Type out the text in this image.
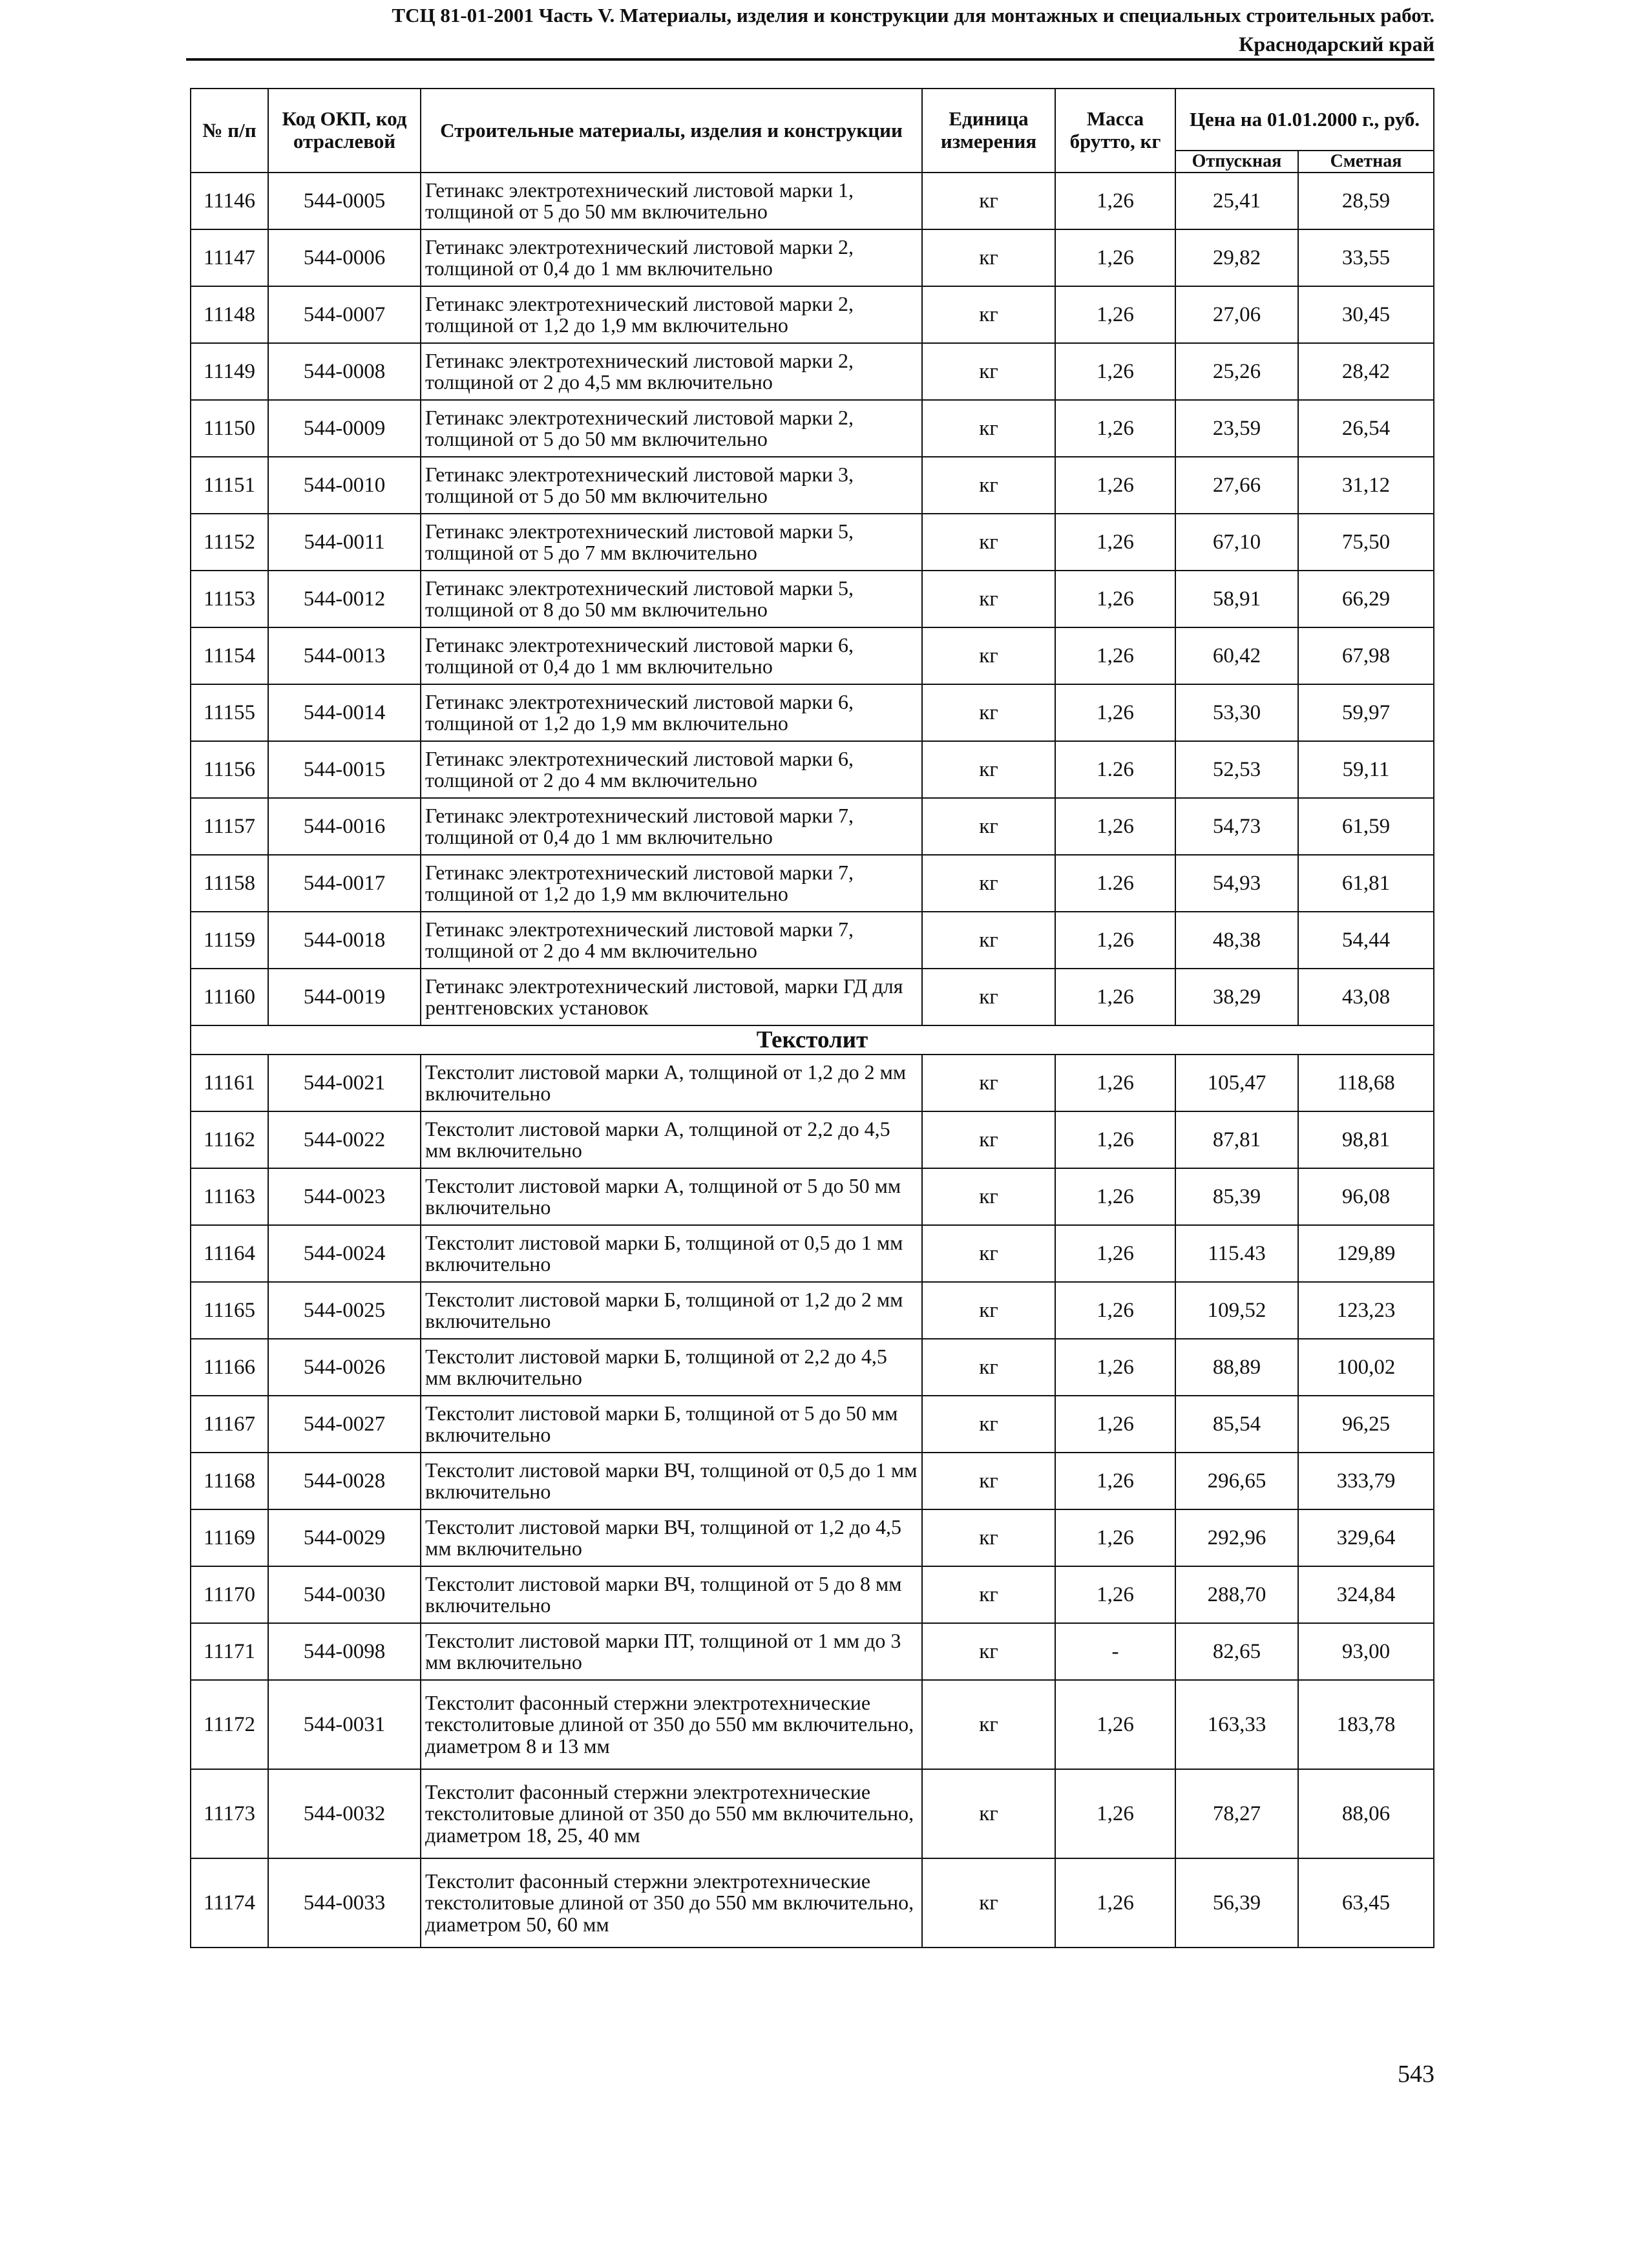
ТСЦ 81-01-2001 Часть V. Материалы, изделия и конструкции для монтажных и специальных строительных работ.
Краснодарский край
№ п/п	Код ОКП, код отраслевой	Строительные материалы, изделия и конструкции	Единица измерения	Масса брутто, кг	Цена на 01.01.2000 г., руб.	
					Отпускная	Сметная
11146	544-0005	Гетинакс электротехнический листовой марки 1, толщиной от 5 до 50 мм включительно	кг	1,26	25,41	28,59
11147	544-0006	Гетинакс электротехнический листовой марки 2, толщиной от 0,4 до 1 мм включительно	кг	1,26	29,82	33,55
11148	544-0007	Гетинакс электротехнический листовой марки 2, толщиной от 1,2 до 1,9 мм включительно	кг	1,26	27,06	30,45
11149	544-0008	Гетинакс электротехнический листовой марки 2, толщиной от 2 до 4,5 мм включительно	кг	1,26	25,26	28,42
11150	544-0009	Гетинакс электротехнический листовой марки 2, толщиной от 5 до 50 мм включительно	кг	1,26	23,59	26,54
11151	544-0010	Гетинакс электротехнический листовой марки 3, толщиной от 5 до 50 мм включительно	кг	1,26	27,66	31,12
11152	544-0011	Гетинакс электротехнический листовой марки 5, толщиной от 5 до 7 мм включительно	кг	1,26	67,10	75,50
11153	544-0012	Гетинакс электротехнический листовой марки 5, толщиной от 8 до 50 мм включительно	кг	1,26	58,91	66,29
11154	544-0013	Гетинакс электротехнический листовой марки 6, толщиной от 0,4 до 1 мм включительно	кг	1,26	60,42	67,98
11155	544-0014	Гетинакс электротехнический листовой марки 6, толщиной от 1,2 до 1,9 мм включительно	кг	1,26	53,30	59,97
11156	544-0015	Гетинакс электротехнический листовой марки 6, толщиной от 2 до 4 мм включительно	кг	1.26	52,53	59,11
11157	544-0016	Гетинакс электротехнический листовой марки 7, толщиной от 0,4 до 1 мм включительно	кг	1,26	54,73	61,59
11158	544-0017	Гетинакс электротехнический листовой марки 7, толщиной от 1,2 до 1,9 мм включительно	кг	1.26	54,93	61,81
11159	544-0018	Гетинакс электротехнический листовой марки 7, толщиной от 2 до 4 мм включительно	кг	1,26	48,38	54,44
11160	544-0019	Гетинакс электротехнический листовой, марки ГД для рентгеновских установок	кг	1,26	38,29	43,08
Текстолит						
11161	544-0021	Текстолит листовой марки А, толщиной от 1,2 до 2 мм включительно	кг	1,26	105,47	118,68
11162	544-0022	Текстолит листовой марки А, толщиной от 2,2 до 4,5 мм включительно	кг	1,26	87,81	98,81
11163	544-0023	Текстолит листовой марки А, толщиной от 5 до 50 мм включительно	кг	1,26	85,39	96,08
11164	544-0024	Текстолит листовой марки Б, толщиной от 0,5 до 1 мм включительно	кг	1,26	115.43	129,89
11165	544-0025	Текстолит листовой марки Б, толщиной от 1,2 до 2 мм включительно	кг	1,26	109,52	123,23
11166	544-0026	Текстолит листовой марки Б, толщиной от 2,2 до 4,5 мм включительно	кг	1,26	88,89	100,02
11167	544-0027	Текстолит листовой марки Б, толщиной от 5 до 50 мм включительно	кг	1,26	85,54	96,25
11168	544-0028	Текстолит листовой марки ВЧ, толщиной от 0,5 до 1 мм включительно	кг	1,26	296,65	333,79
11169	544-0029	Текстолит листовой марки ВЧ, толщиной от 1,2 до 4,5 мм включительно	кг	1,26	292,96	329,64
11170	544-0030	Текстолит листовой марки ВЧ, толщиной от 5 до 8 мм включительно	кг	1,26	288,70	324,84
11171	544-0098	Текстолит листовой марки ПТ, толщиной от 1 мм до 3 мм включительно	кг	-	82,65	93,00
11172	544-0031	Текстолит фасонный стержни электротехнические текстолитовые длиной от 350 до 550 мм включительно, диаметром 8 и 13 мм	кг	1,26	163,33	183,78
11173	544-0032	Текстолит фасонный стержни электротехнические текстолитовые длиной от 350 до 550 мм включительно, диаметром 18, 25, 40 мм	кг	1,26	78,27	88,06
11174	544-0033	Текстолит фасонный стержни электротехнические текстолитовые длиной от 350 до 550 мм включительно, диаметром 50, 60 мм	кг	1,26	56,39	63,45
543
